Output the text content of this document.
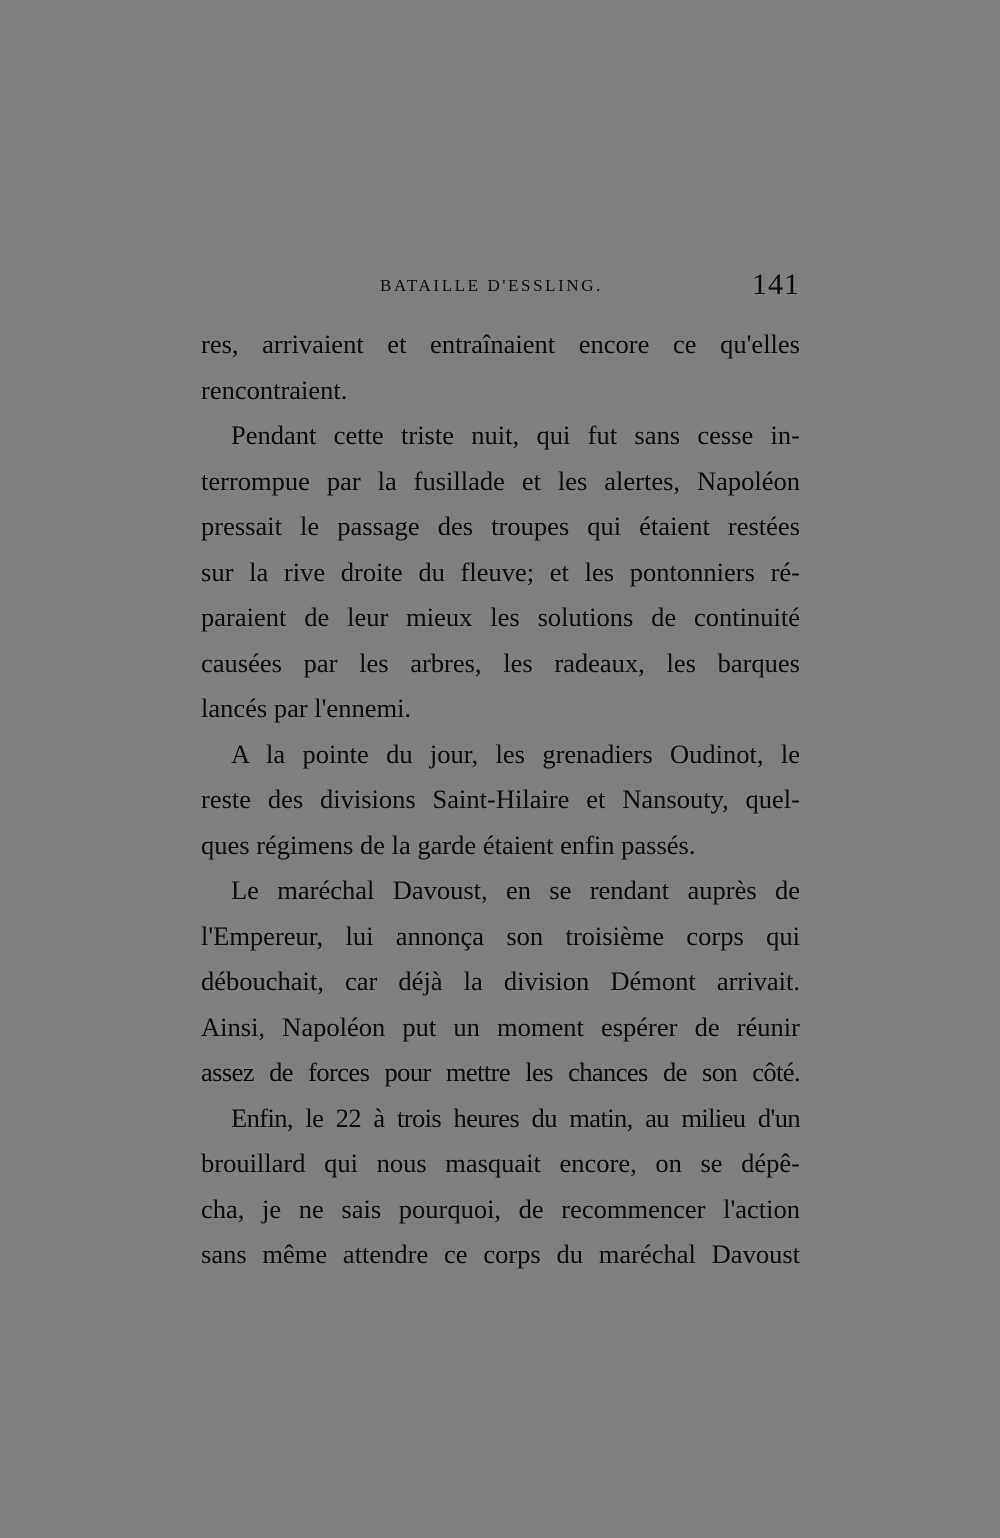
BATAILLE D'ESSLING.	141
res, arrivaient et entraînaient encore ce qu'elles
rencontraient.
Pendant cette triste nuit, qui fut sans cesse in-
terrompue par la fusillade et les alertes, Napoléon
pressait le passage des troupes qui étaient restées
sur la rive droite du fleuve; et les pontonniers ré-
paraient de leur mieux les solutions de continuité
causées par les arbres, les radeaux, les barques
lancés par l'ennemi.
A la pointe du jour, les grenadiers Oudinot, le
reste des divisions Saint-Hilaire et Nansouty, quel-
ques régimens de la garde étaient enfin passés.
Le maréchal Davoust, en se rendant auprès de
l'Empereur, lui annonça son troisième corps qui
débouchait, car déjà la division Démont arrivait.
Ainsi, Napoléon put un moment espérer de réunir
assez de forces pour mettre les chances de son côté.
Enfin, le 22 à trois heures du matin, au milieu d'un
brouillard qui nous masquait encore, on se dépê-
cha, je ne sais pourquoi, de recommencer l'action
sans même attendre ce corps du maréchal Davoust
